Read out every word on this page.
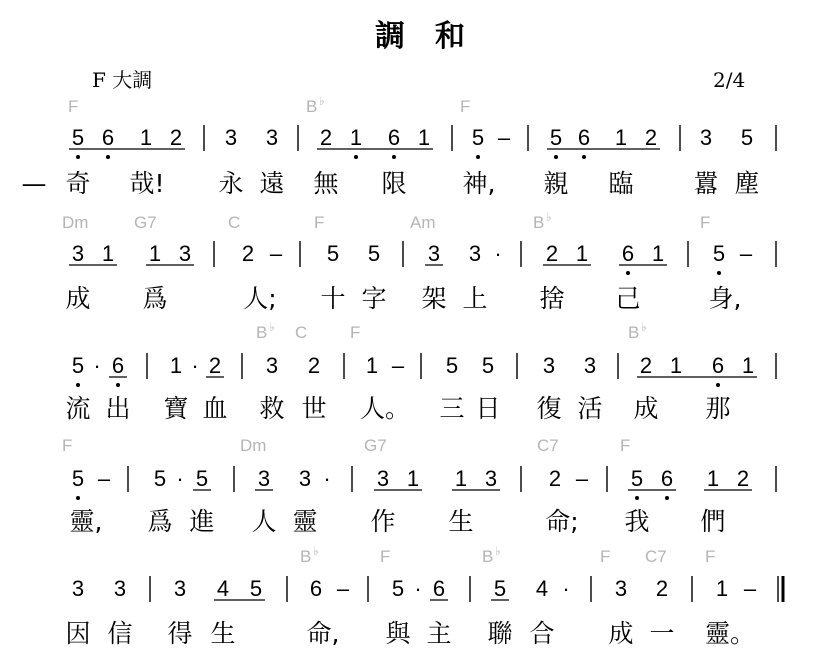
調　和
F 大調	2/4
F	B ♭	F
5 6 1 2 3 3 2 1 6 1 5 – 5 6 1 2 3 5
— 奇 哉! 永 遠 無 限 神, 親 臨 囂 塵
Dm	G7	C	F	Am	B ♭	F
3 1 1 3 2 – 5 5 3 3 · 2 1 6 1 5 –
成 爲	人; 十 字 架 上 捨 己	身,
B ♭ C	F	B ♭
5 · 6 1 · 2 3 2 1 – 5 5 3 3 2 1 6 1
流 出 寶 血 救 世 人。 三 日 復 活 成 那
F	Dm	G7	C7	F
5 – 5 · 5 3 3 · 3 1 1 3 2 – 5 6 1 2
靈, 爲 進 人 靈 作 生	命; 我 們
B ♭	F	B ♭	F C7 F
3 3 3 4 5 6 – 5 · 6 5 4 · 3 2 1 –
因 信 得 生	命, 與 主 聯 合 成 一 靈。
